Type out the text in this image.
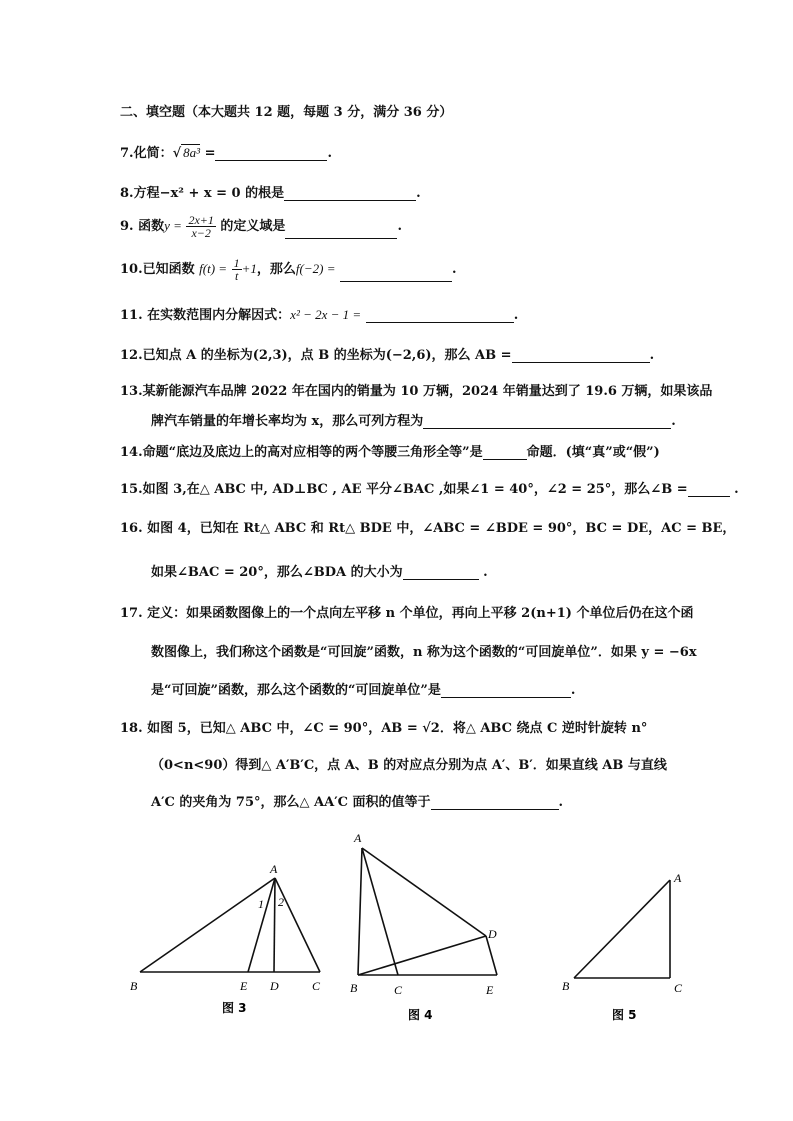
二、填空题（本大题共 12 题，每题 3 分，满分 36 分）
7.化简：√ 8a³ =	.
8.方程−x² + x = 0 的根是	.
9. 函数$y = \frac{2x+1}{x-2}$ 的定义域是	.
10.已知函数 $f(t) = \frac{1}{t} +1$，那么f(−2) =	.
11. 在实数范围内分解因式：x² − 2x − 1 =	.
12.已知点 A 的坐标为(2,3)，点 B 的坐标为(−2,6)，那么 AB =	.
13.某新能源汽车品牌 2022 年在国内的销量为 10 万辆，2024 年销量达到了 19.6 万辆，如果该品
牌汽车销量的年增长率均为 x，那么可列方程为	.
14.命题“底边及底边上的高对应相等的两个等腰三角形全等”是	命题．(填“真”或“假”)
15.如图 3,在△ ABC 中, AD⊥BC , AE 平分∠BAC ,如果∠1 = 40°，∠2 = 25°，那么∠B =	.
16. 如图 4，已知在 Rt△ ABC 和 Rt△ BDE 中，∠ABC = ∠BDE = 90°，BC = DE，AC = BE，
如果∠BAC = 20°，那么∠BDA 的大小为	.
17. 定义：如果函数图像上的一个点向左平移 n 个单位，再向上平移 2(n+1) 个单位后仍在这个函
数图像上，我们称这个函数是“可回旋”函数，n 称为这个函数的“可回旋单位”．如果 y = −6x
是“可回旋”函数，那么这个函数的“可回旋单位”是	.
18. 如图 5，已知△ ABC 中，∠C = 90°，AB = √2．将△ ABC 绕点 C 逆时针旋转 n°
（0<n<90）得到△ A′B′C，点 A、B 的对应点分别为点 A′、B′．如果直线 AB 与直线
A′C 的夹角为 75°，那么△ AA′C 面积的值等于	.
A
B	E D	C
1 2
图 3
A
B	C
D
E
图 4
A
B	C
图 5
